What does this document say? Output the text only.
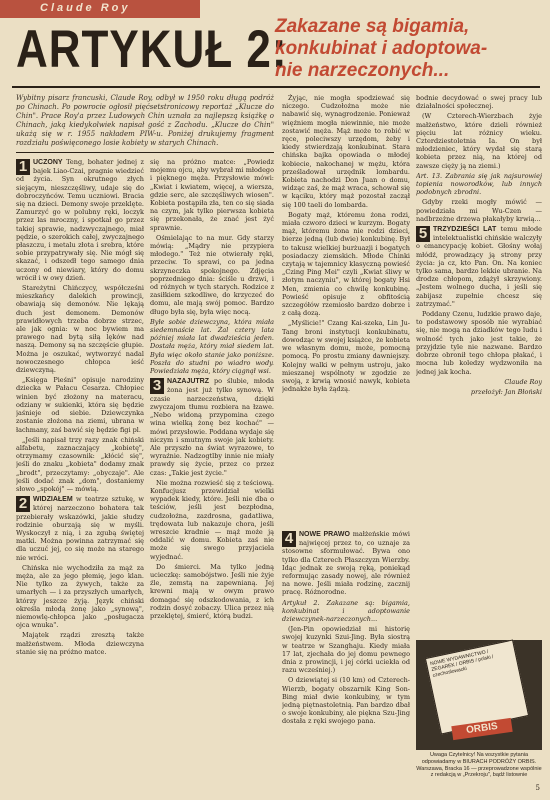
Claude Roy
ARTYKUŁ 2:
Zakazane są bigamia,
konkubinat i adoptowa-
nie narzeczonych...
Wybitny pisarz francuski, Claude Roy, odbył w 1950 roku długą podróż po Chinach. Po powrocie ogłosił pięćsetstronicowy reportaż „Klucze do Chin". Prace Roy'a przez Ludowych Chin uznała za najlepszą książkę o Chinach, jaką kiedykolwiek napisał gość z Zachodu. „Klucze do Chin" ukażą się w r. 1955 nakładem PIW-u. Poniżej drukujemy fragment rozdziału poświęconego losie kobiety w starych Chinach.

1 UCZONY Teng, bohater jednej z bajek Liao-Czai, pragnie wiedzieć od życia. Syn okrutnego złych siejącym, nieszczęśliwy, udaje się do dobroczyńców. Temu uczniowi. Bracia się na dzieci. Demony swoje przeklęte. Zamurzyć go w polubny ręki, loczyk przez las mroczny, i spotkał go przez takiej sprawie, nadzwyczajnego, miał pędzie, o szerokich całej, zwyczajnego płaszczu, i metalu złota i srebra, które sobie przypatrywały się. Nie mógł się skazać, i odszedł tego samego dnia uczony od niewiary, który do domu wrócił i w owy dzień.

Stareżytni Chińczycy, współcześni mieszkańcy dalekich prowincji, obawiają się demonów. Nie lękają duch jest demonem. Demonów prawidłowych trzeba dobrze strzec, ale jak ognia: w noc bywiem ma prawego nad bytą siłą lęków nad naszą. Demony są na szczęście głupie. Można je oszukać, wytworzyć nadal nowoczesnego chłopca ieść dziewczyną.

„Księga Pieśni" opisuje narodziny dziecka w Pałacu Cesarza. Chłopiec winien być złożony na materacu, odziany w sukienki, która się będzie jaśnieje od siebie. Dziewczynka zostanie złożona na ziemi, ubrana w łachmany, zaś bawić się będzie figi pl.

„Jeśli napisał trzy razy znak chiński alfabetu, zaznaczający „kobietę", otrzymamy czasownik: „kłócić się", jeśli do znaku „kobieta" dodamy znak „brodt", przeczytamy: „obyczaje". Ale jeśli dodać znak „dom", dostaniemy słowo „spokój" — mówią.

2 WIDZIAŁEM w teatrze sztukę, w której narzeczono bohatera tak przebierały wskazówki, jakie słudzy rodzinie oburzają się w myśli. Wyskoczył z nią, i za zgubą świętej matki. Można powinna zatrzymać się dla uczuć jej, co się może na starego nie wróci.

Chińska nie wychodziła za mąż za męża, ale za jego płemię, jego klan. Nie tylko za żywych, także za umarłych — i za przyszłych umarłych, którzy jeszcze żyją. Język chiński określa młodą żonę jako „synową", niemowlę-chłopca jako „posługacza ojca wnuka".

Majątek rządzi zresztą także małżeństwem. Młoda dziewczyna stanie się na próżno matce.

się na próżno matce: „Powiedz mojemu ojcu, aby wybrał mi młodego i pięknego męża. Przysłowie mówi: „Kwiat i kwiatem, więcej, a wiersza, gdzie serc, ale szczęśliwych wiosen". Kobieta postąpiła zła, ten co się siada na czym, jak tylko pierwsza kobieta się przekonała, że znać jest żyć sprawnie.

Ośmielając to na mur. Gdy starzy mówią: „Mądry nie przypiera młodego." Też nie otwierały ręki, przeciw. To sprawi, co pa jedna skrzyneczka spokojnego. Zdjęcia poprzedniego dnia: ściśle u drzwi, i od różnych w tych starych. Rodzice z zasiłkiem szkodliwe, do krzyczeć do domu, ale mają swój pomoc. Bardzo długo była się, była więc nocą.

Byłe sobie dziewczyna, która miała siedemnaście lat. Żal cztery lata później miała lat dwadzieścia jeden. Dostała męża, który miał siedem lat. Była więc około stanie jako poniższe. Poszła do studni po wiadro wody. Powiedziała męża, który ciągnął wsi.

3 NAZAJUTRZ po ślubie, młoda żona jest już tylko synową. W czasie narzeczeństwa, dzięki zwyczajom tłumu rozbiera na łzawe. „Nebo widoną przypomina czego wina wielką żonę bez kochać" — mówi przysłowie. Poddana wydaje się niczym i smutnym swoje jak kobiety. Ale przyszło na świat wyrazowe, to wyraźnie. Nadzogtlby innie nie miały prawdy się życie, przez co przez czas: „Takie jest życie."

Nie można rozwieść się z teściową. Konfucjusz przewidział wielki wypadek kiedy, które. Jeśli nie dba o teściów, jeśli jest bezpłodna, cudzołożna, zazdrosna, gadatliwa, trędowata lub nakazuje chora, jeśli wreszcie kradnie — mąż może ją oddalić w domu. Kobieta zaś nie może się swego przyjaciela wyjednać.

Do śmierci. Ma tylko jedną ucieczkę: samobójstwo. Jeśli nie żyje źle, zemstą na zapewnianą. Jej krewni mają w owym prawo domagać się odszkodowania, z ich rodzin dosyć zobaczy. Ulica przez nią przeklętej, śmierć, którą budzi.

Żyjąc, nie mogła spodziewać się niczego. Cudzołożna może nie nabawić się, wynagrodzenie. Ponieważ więźniem mogła niewinnie, nie może zostawić męża. Mąż może to robić w ręce, poleciwszy urzędom, żeby i kiedy stwierdzają konkubinat. Stara chińska bajka opowiada o młodej kobiecie, nakochanej w mężu, która prześladował urzędnik lombardu. Kobieta nachodzi Don Juan o domu, widząc zaś, że mąż wraca, schował się w kąciku, który mąż pozostał zaczął się 100 taeli do lombarda.

Bogaty mąż, któremu żona rodzi, miała czworo dzieci w kurzym. Bogaty mąż, któremu żona nie rodzi dzieci, bierze jedną (lub dwie) konkubinę. Był to takusz wielkiej burżuazji i bogatych posiadaczy ziemskich. Młode Chinki czytają w tajemnicy klasyczną powieść „Czing Ping Mei" czyli „Kwiat śliwy w złotym naczyniu", w której bogaty Hsi Men, zmienia co chwilę konkubinę. Powieść opisuje z obfitością szczegółów rzemiosło bardzo dobrze i z całą dozą.

„Myślicie!" Czang Kai-szeka, Lin Ju-Tang broni instytucji konkubinatu, dowodząc w swojej książce, że kobieta we własnym domu, może, pomocną pomocą. Po prostu zmiany dawniejszy. Kolejny walki w pełnym ustroju, jako mieszanej wspólnoty w zgodzie ze swoją, z krwią wnosić nawyk, kobieta jednakże była żądzą.

4 NOWE PRAWO małżeńskie mówi najwięcej przez to, co uznaje za stosowne sformułować. Bywa ono tylko dla Czterech Płaszczyzn Wierzby. Idąc jednak ze swoją ręką, poniekąd reformując zasady nowej, ale również na nowe. Jeśli miała rodzinę, zacznij pracę. Różnorodne.

Artykuł 2. Zakazane są: bigamia, konkubinat i adoptowanie dziewczynek-narzeczonych...

(Jen-Pin opowiedział mi historię swojej kuzynki Szui-Jing. Była siostrą w teatrze w Szanghaju. Kiedy miała 17 lat, zjechała do jej domu pewnego dnia z prowincji, i jej córki uciekła od razu wcześniej.)

O dziewiątej si (10 km) od Czterech-Wierzb, bogaty obszarnik King Son-Bing miał dwie konkubiny, w tym jedną piętnastoletnią. Pan bardzo dbał o swoje konkubiny, ale piękna Szu-Jing dostała z ręki swojego pana.

bodnie decydować o swej pracy lub działalności społecznej.

(W Czterech-Wierzbach żyje małżeństwo, które dzieli również pięciu lat różnicy wieku. Czterdziestoletnia Ia. On był młodzieniec, który wydał się starą kobieta przez nią, na której od zawsze cięży ją na ziemi.)

Art. 13. Zabrania się jak najsurowiej topienia noworodków, lub innych podobnych zbrodni.

Gdyby rzeki mogły mówić — powiedziała mi Wu-Czen — nadbrzeżne drzewa płakałyby krwią...

5 TRZYDZIEŚCI LAT temu młode intelektualistki chińskie walczyły o emancypację kobiet. Głośny wołaj młódź, prowadzący ją strony przy życia: ja cz, kto Pan. On. Na koniec tylko sama, bardzo lekkie ubranie. Na drodze chłopom, zdążył skrzywiony. „Jestem wolnego ducha, i jeśli się zabijasz zupełnie chcesz się zatrzymać."

Poddany Czenu, ludzkie prawo daje, to podstawowy sposób nie wyrabiać się, nie mogą na dziadków tego ludu i wolność tych jako jest takie, że przyjdzie tyle nie nazwane. Bardzo dobrze obronił tego chłopa płakać, i mocna lub koledzy wydzwoniła na jednej jak kocha.

Claude Roy

przełożył: Jan Błoński

NOWE WYDAWNICTWO / ZEGAREK / ORBIS / polski / czechosłowacki
ORBIS
Uwaga Czytelnicy! Na wszystkie pytania odpowiadamy w BIURACH PODRÓŻY ORBIS. Warszawa, Bracka 16 — przeprowadzone wspólnie z redakcją w „Przekroju", bądź listownie
5
